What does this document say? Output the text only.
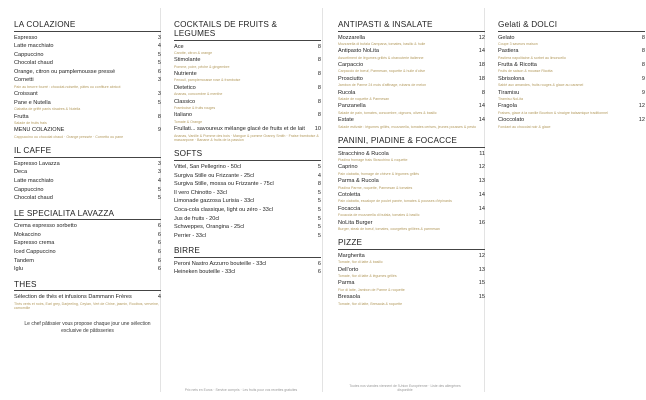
LA COLAZIONE
Espresso	3
Latte macchiato	4
Cappuccino	5
Chocolat chaud	5
Orange, citron ou pamplemousse pressé	6
Cornetti	3
Pain au beurre fourré : chocolat-noisette, pâtes ou confiture abricot
Croissant	3
Pane e Nutella	5
Ciabatta de griffé panis rôsaires & Nutella
Frutta	8
Salade de fruits frais
MENU COLAZIONE	9
Cappuccino ou chocolat chaud · Orange pressée · Cornetto ou pane
IL CAFFE
Espresso Lavazza	3
Deca	3
Latte macchiato	4
Cappuccino	5
Chocolat chaud	5
LE SPECIALITA LAVAZZA
Crema espresso sorbetto	6
Mokaccino	6
Espresso crema	6
Iced Cappuccino	6
Tandem	6
Iglu	6
THES
Sélection de thés et infusions Dammann Frères	4
Thés verts et noirs, Earl grey, Darjeeling, Ceylan, Vert de Chine, jasmin, Rooibos, verveine, camomille
Le chef pâtissier vous propose chaque jour une sélection exclusive de pâtisseries
COCKTAILS DE FRUITS & LEGUMES
Ace	8
Carotte, citron & orange
Stimolante	8
Pomme, poire, pêche & gingembre
Nutriente	8
Fenouil, pamplemousse rose & framboise
Dietetico	8
Ananas, concombre & menthe
Classico	8
Framboise & fruits rouges
Italiano	8
Tomate & Orange
Frullati... savoureux mélange glacé de fruits et de lait	10
Ananas, Vanille & Pomme des bois · Mangue & pomme Granny Smith · Fraise framboise & mascarpone · Banane & fruits de la passion
SOFTS
Vittel, San Pellegrino - 50cl	5
Surgiva Stille ou Frizzante - 25cl	4
Surgiva Stille, mossa ou Frizzante - 75cl	8
Il vero Chinotto - 33cl	5
Limonade gazzosa Lurisia - 33cl	5
Coca-cola classique, light ou zéro - 33cl	5
Jus de fruits - 20cl	5
Schweppes, Orangina - 25cl	5
Perrier - 33cl	5
BIRRE
Peroni Nastro Azzurro bouteille - 33cl	6
Heineken bouteille - 33cl	6
ANTIPASTI & INSALATE
Mozzarella	12
Mozzarella di bufala Campana, tomates, basilic & huile
Antipasto NoLita	14
Assortiment de légumes grillés & charcuterie italienne
Carpaccio	18
Carpaccio de bœuf, Parmesan, roquette & huile d'olive
Prosciutto	18
Jambon de Parme 24 mois d'affinage, rubans de melon
Rucola	8
Salade de roquette & Parmesan
Panzanella	14
Salade de pain, tomates, concombre, oignons, olives & basilic
Estate	14
Salade estivale : légumes grillés, mozzarella, tomates cerises, jeunes pousses & pesto
PANINI, PIADINE & FOCACCE
Stracchino & Rucola	11
Piadina fromage frais Stracchino & roquette
Caprino	12
Pain ciabatta, fromage de chèvre & légumes grillés
Parma & Rucola	13
Piadina Parme, roquette, Parmesan & tomates
Cotoletta	14
Pain ciabatta, escalope de poulet panée, tomates & pousses d'épinards
Focaccia	14
Focaccia de mozzarella di bufala, tomates & basilic
NoLita Burger	16
Burger, steak de bœuf, tomates, courgettes grillées & parmesan
PIZZE
Margherita	12
Tomate, fior di latte & basilic
Dell'orto	13
Tomate, fior di latte & légumes grillés
Parma	15
Fior di latte, Jambon de Parme & roquette
Bresaola	15
Tomate, fior di latte, Bresaola & roquette
Gelati & DOLCI
Gelato	8
Coupe 3 saveurs maison
Pastiera	8
Pastiera napolitaine & sorbet au limoncello
Frutta & Ricotta	8
Fruits de saison & mousse Ricotta
Sbrisolona	9
Sablé aux amandes, fruits rouges & glace au caramel
Tiramisu	9
Tiramisu NoLita
Fragola	12
Fraises, glace à la vanille Bourbon & vinaigre balsamique traditionnel
Cioccolato	12
Fondant au chocolat noir & glace
Prix nets en Euros · Service compris · Les fruits pour vos recettes gratuites
Toutes nos viandes viennent de l'Union Européenne · Liste des allergènes disponible
